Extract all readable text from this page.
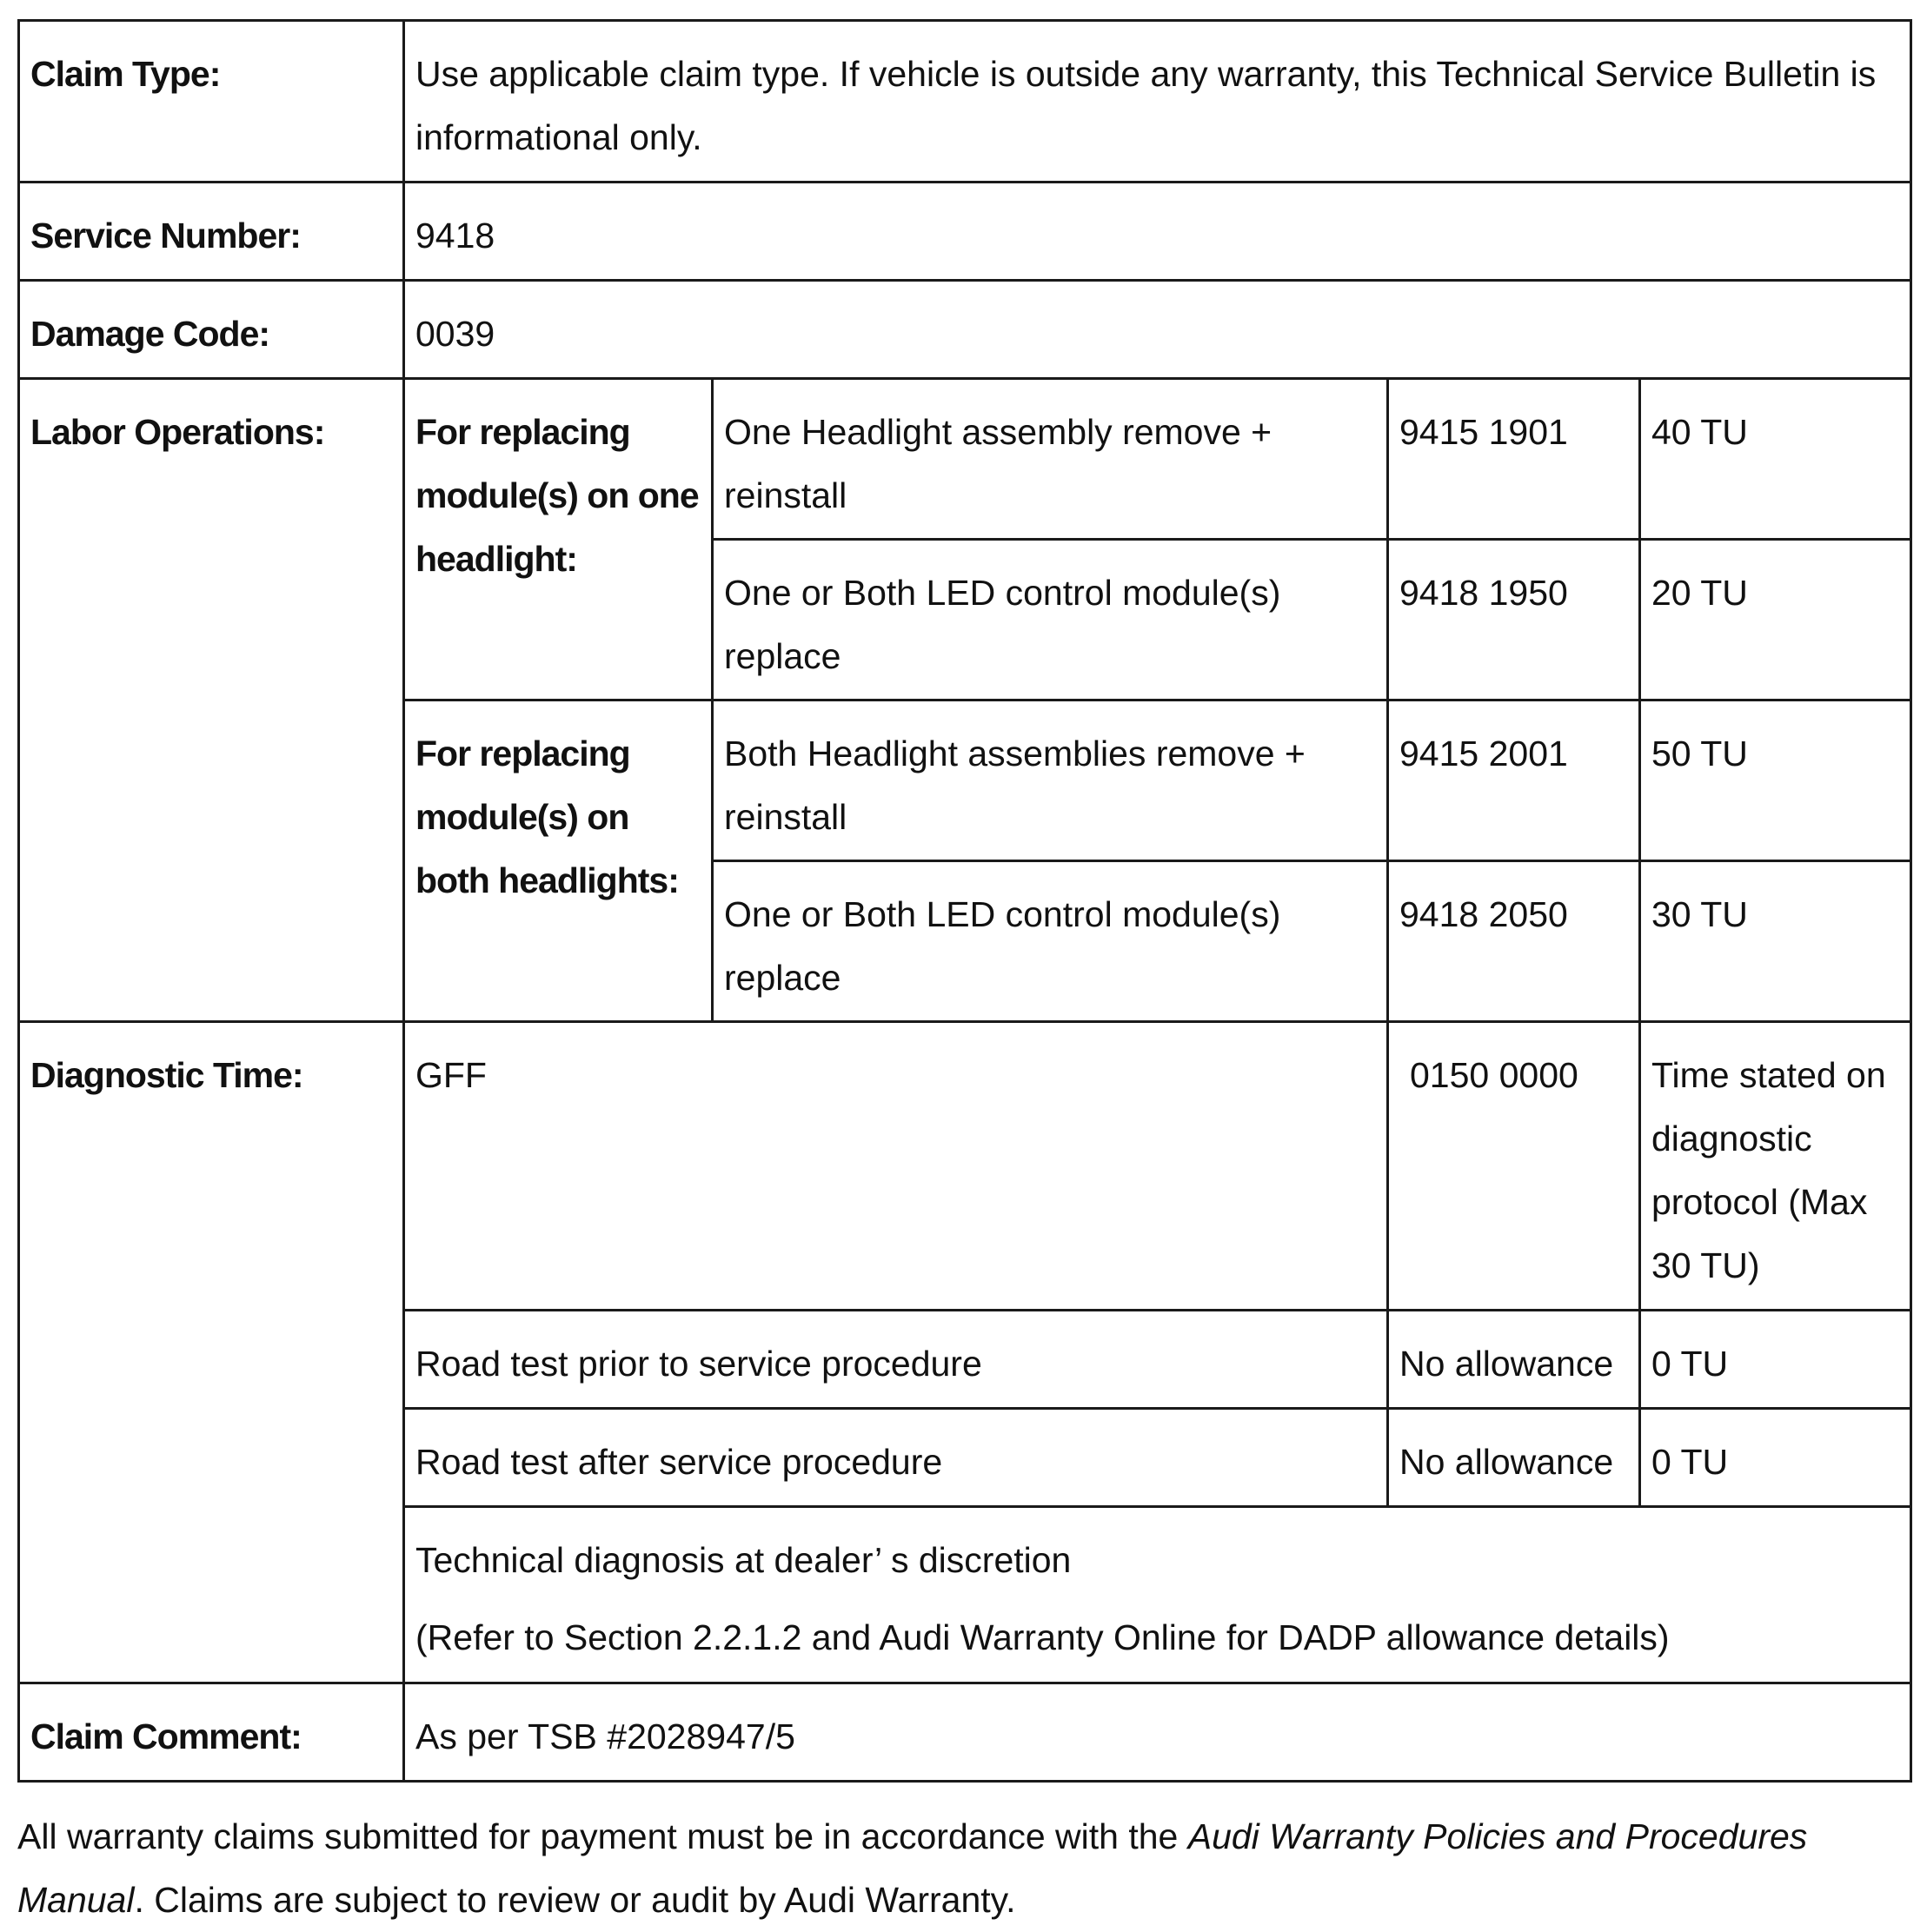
Claim Type:	Use applicable claim type. If vehicle is outside any warranty, this Technical Service Bulletin is informational only.			
Service Number:	9418			
Damage Code:	0039			
Labor Operations:	For replacing module(s) on one headlight:	One Headlight assembly remove + reinstall	9415 1901	40 TU
		One or Both LED control module(s) replace	9418 1950	20 TU
	For replacing module(s) on both headlights:	Both Headlight assemblies remove + reinstall	9415 2001	50 TU
		One or Both LED control module(s) replace	9418 2050	30 TU
Diagnostic Time:	GFF		0150 0000	Time stated on diagnostic protocol (Max 30 TU)
	Road test prior to service procedure		No allowance	0 TU
	Road test after service procedure		No allowance	0 TU
	Technical diagnosis at dealer’ s discretion
(Refer to Section 2.2.1.2 and Audi Warranty Online for DADP allowance details)			

Claim Comment:	As per TSB #2028947/5			
All warranty claims submitted for payment must be in accordance with the Audi Warranty Policies and Procedures Manual. Claims are subject to review or audit by Audi Warranty.
